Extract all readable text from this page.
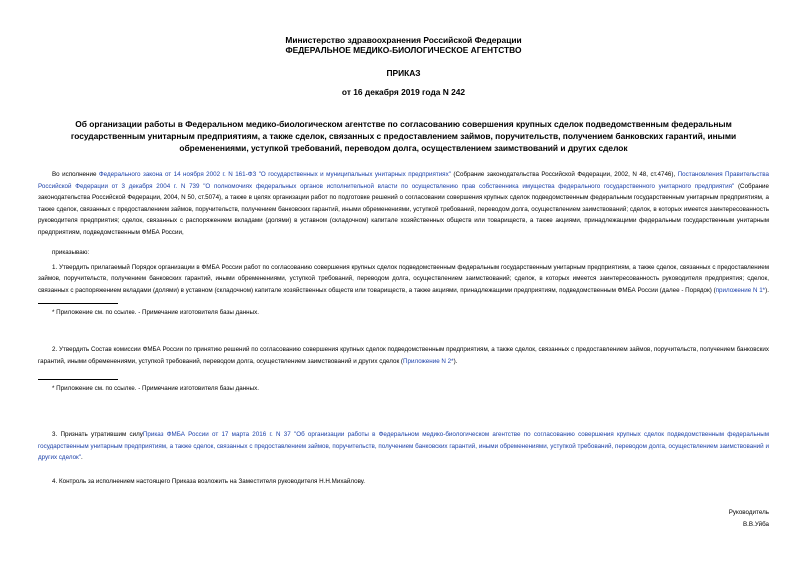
Министерство здравоохранения Российской Федерации
ФЕДЕРАЛЬНОЕ МЕДИКО-БИОЛОГИЧЕСКОЕ АГЕНТСТВО
ПРИКАЗ
от 16 декабря 2019 года N 242
Об организации работы в Федеральном медико-биологическом агентстве по согласованию совершения крупных сделок подведомственным федеральным государственным унитарным предприятиям, а также сделок, связанных с предоставлением займов, поручительств, получением банковских гарантий, иными обременениями, уступкой требований, переводом долга, осуществлением заимствований и других сделок

Во исполнение Федерального закона от 14 ноября 2002 г. N 161-ФЗ "О государственных и муниципальных унитарных предприятиях" (Собрание законодательства Российской Федерации, 2002, N 48, ст.4746), Постановления Правительства Российской Федерации от 3 декабря 2004 г. N 739 "О полномочиях федеральных органов исполнительной власти по осуществлению прав собственника имущества федерального государственного унитарного предприятия" (Собрание законодательства Российской Федерации, 2004, N 50, ст.5074), а также в целях организации работ по подготовке решений о согласовании совершения крупных сделок подведомственным федеральным государственным унитарным предприятиям, а также сделок, связанных с предоставлением займов, поручительств, получением банковских гарантий, иными обременениями, уступкой требований, переводом долга, осуществлением заимствований; сделок, в которых имеется заинтересованность руководителя предприятия; сделок, связанных с распоряжением вкладами (долями) в уставном (складочном) капитале хозяйственных обществ или товариществ, а также акциями, принадлежащими федеральным государственным унитарным предприятиям, подведомственным ФМБА России,

приказываю:

1. Утвердить прилагаемый Порядок организации в ФМБА России работ по согласованию совершения крупных сделок подведомственным федеральным государственным унитарным предприятиям, а также сделок, связанных с предоставлением займов, поручительств, получением банковских гарантий, иными обременениями, уступкой требований, переводом долга, осуществлением заимствований; сделок, в которых имеется заинтересованность руководителя предприятия; сделок, связанных с распоряжением вкладами (долями) в уставном (складочном) капитале хозяйственных обществ или товариществ, а также акциями, принадлежащими предприятиям, подведомственным ФМБА России (далее - Порядок) (приложение N 1*).

* Приложение см. по ссылке. - Примечание изготовителя базы данных.

2. Утвердить Состав комиссии ФМБА России по принятию решений по согласованию совершения крупных сделок подведомственным предприятиям, а также сделок, связанных с предоставлением займов, поручительств, получением банковских гарантий, иными обременениями, уступкой требований, переводом долга, осуществлением заимствований и других сделок (Приложение N 2*).

* Приложение см. по ссылке. - Примечание изготовителя базы данных.

3. Признать утратившим силуПриказ ФМБА России от 17 марта 2016 г. N 37 "Об организации работы в Федеральном медико-биологическом агентстве по согласованию совершения крупных сделок подведомственным федеральным государственным унитарным предприятиям, а также сделок, связанных с предоставлением займов, поручительств, получением банковских гарантий, иными обременениями, уступкой требований, переводом долга, осуществлением заимствований и других сделок".

4. Контроль за исполнением настоящего Приказа возложить на Заместителя руководителя Н.Н.Михайлову.

Руководитель
В.В.Уйба
